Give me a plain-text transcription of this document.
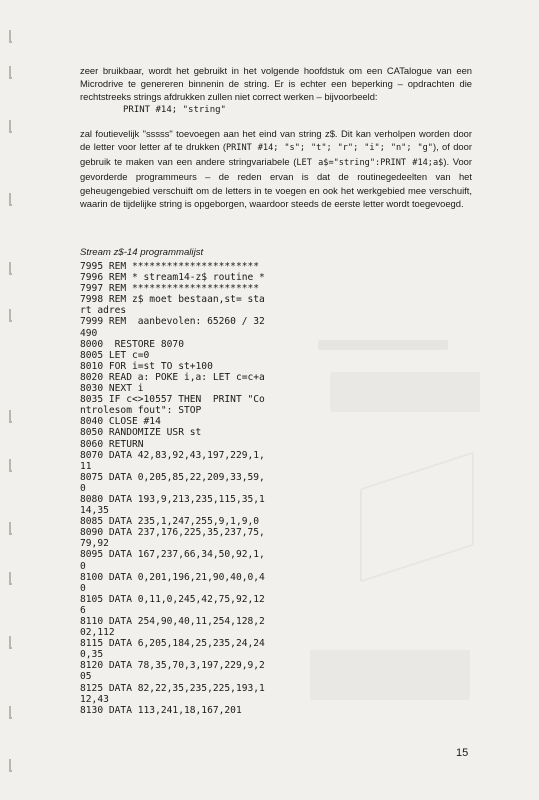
zeer bruikbaar, wordt het gebruikt in het volgende hoofdstuk om een CATalogue van een Microdrive te genereren binnenin de string. Er is echter een beperking – opdrachten die rechtstreeks strings afdrukken zullen niet correct werken – bijvoorbeeld:

PRINT #14; "string"

zal foutievelijk "sssss" toevoegen aan het eind van string z$. Dit kan verholpen worden door de letter voor letter af te drukken (PRINT #14; "s"; "t"; "r"; "i"; "n"; "g"), of door gebruik te maken van een andere stringvariabele (LET a$="string":PRINT #14;a$). Voor gevorderde programmeurs – de reden ervan is dat de routinegedeelten van het geheugengebied verschuift om de letters in te voegen en ook het werkgebied mee verschuift, waarin de tijdelijke string is opgeborgen, waardoor steeds de eerste letter wordt toegevoegd.

Stream z$-14 programmalijst
7995 REM **********************
7996 REM * stream14-z$ routine *
7997 REM **********************
7998 REM z$ moet bestaan,st= sta
rt adres
7999 REM  aanbevolen: 65260 / 32
490
8000  RESTORE 8070
8005 LET c=0
8010 FOR i=st TO st+100
8020 READ a: POKE i,a: LET c=c+a
8030 NEXT i
8035 IF c<>10557 THEN  PRINT "Co
ntrolesom fout": STOP
8040 CLOSE #14
8050 RANDOMIZE USR st
8060 RETURN
8070 DATA 42,83,92,43,197,229,1,
11
8075 DATA 0,205,85,22,209,33,59,
0
8080 DATA 193,9,213,235,115,35,1
14,35
8085 DATA 235,1,247,255,9,1,9,0
8090 DATA 237,176,225,35,237,75,
79,92
8095 DATA 167,237,66,34,50,92,1,
0
8100 DATA 0,201,196,21,90,40,0,4
0
8105 DATA 0,11,0,245,42,75,92,12
6
8110 DATA 254,90,40,11,254,128,2
02,112
8115 DATA 6,205,184,25,235,24,24
0,35
8120 DATA 78,35,70,3,197,229,9,2
05
8125 DATA 82,22,35,235,225,193,1
12,43
8130 DATA 113,241,18,167,201
15
